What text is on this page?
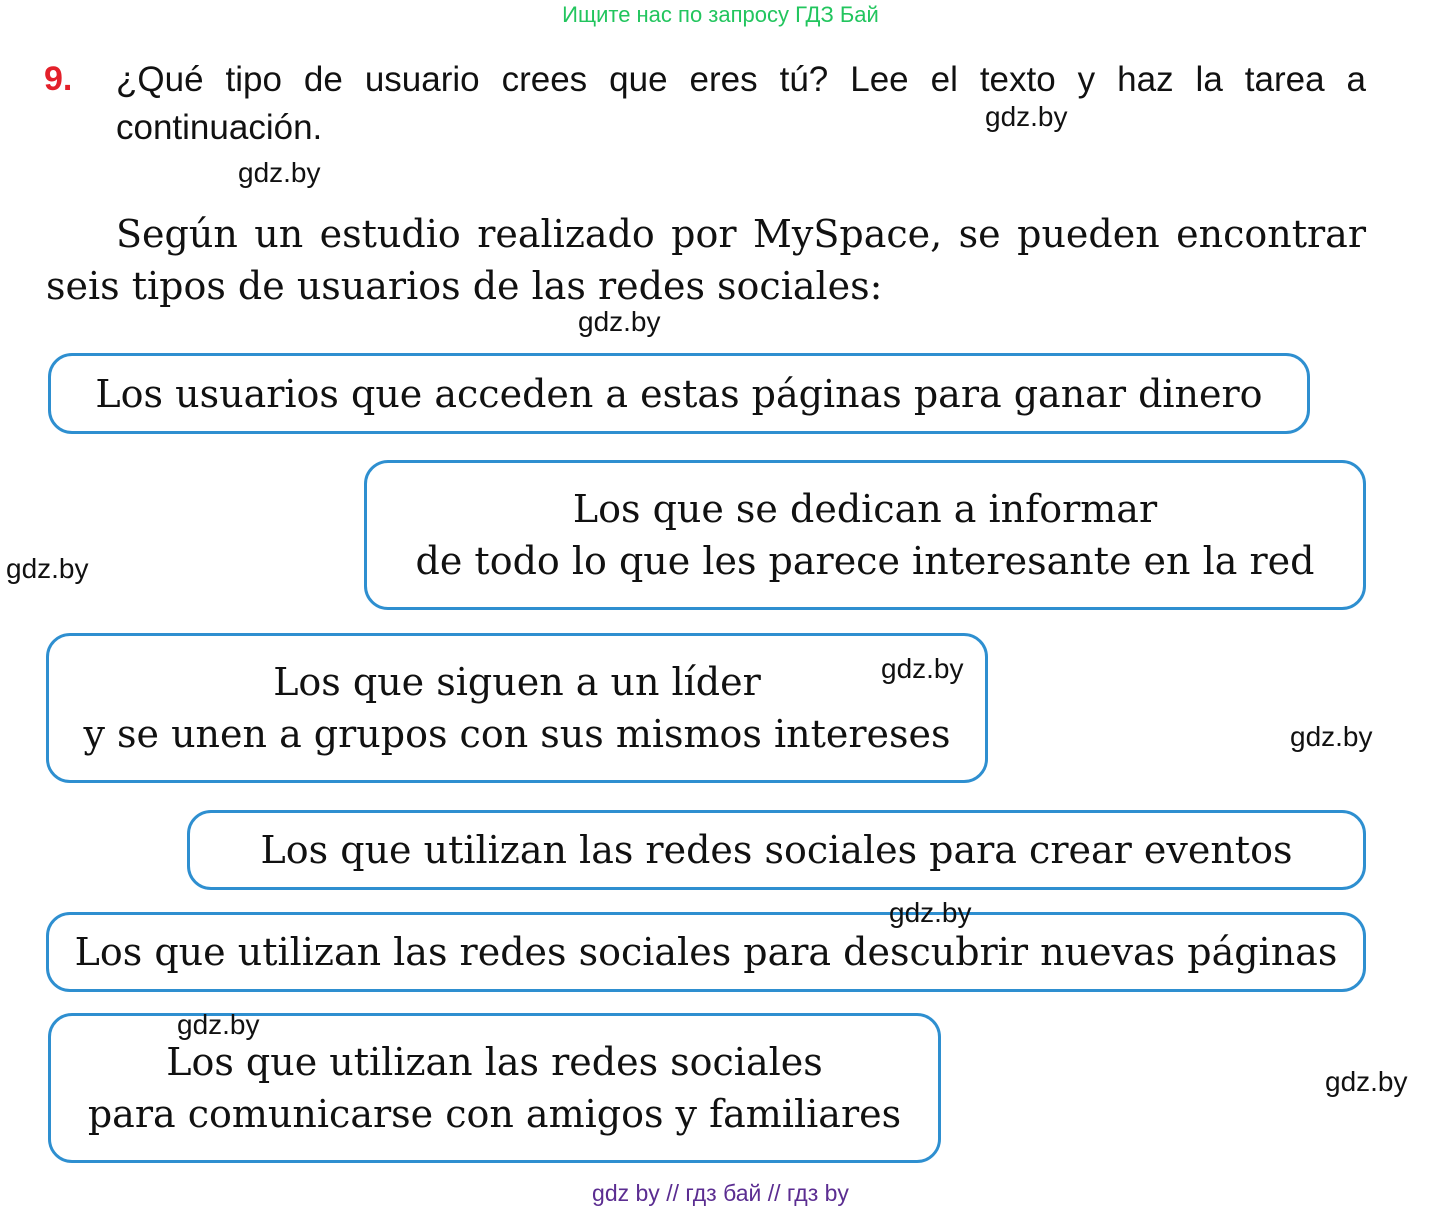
Ищите нас по запросу ГДЗ Бай
9. ¿Qué tipo de usuario crees que eres tú? Lee el texto y haz la tarea a continuación.
Según un estudio realizado por MySpace, se pueden encontrar seis tipos de usuarios de las redes sociales:
Los usuarios que acceden a estas páginas para ganar dinero
Los que se dedican a informar
de todo lo que les parece interesante en la red
Los que siguen a un líder
y se unen a grupos con sus mismos intereses
Los que utilizan las redes sociales para crear eventos
Los que utilizan las redes sociales para descubrir nuevas páginas
Los que utilizan las redes sociales
para comunicarse con amigos y familiares
gdz.by
gdz.by
gdz.by
gdz.by
gdz.by
gdz.by
gdz.by
gdz.by
gdz.by
gdz by // гдз бай // гдз by
